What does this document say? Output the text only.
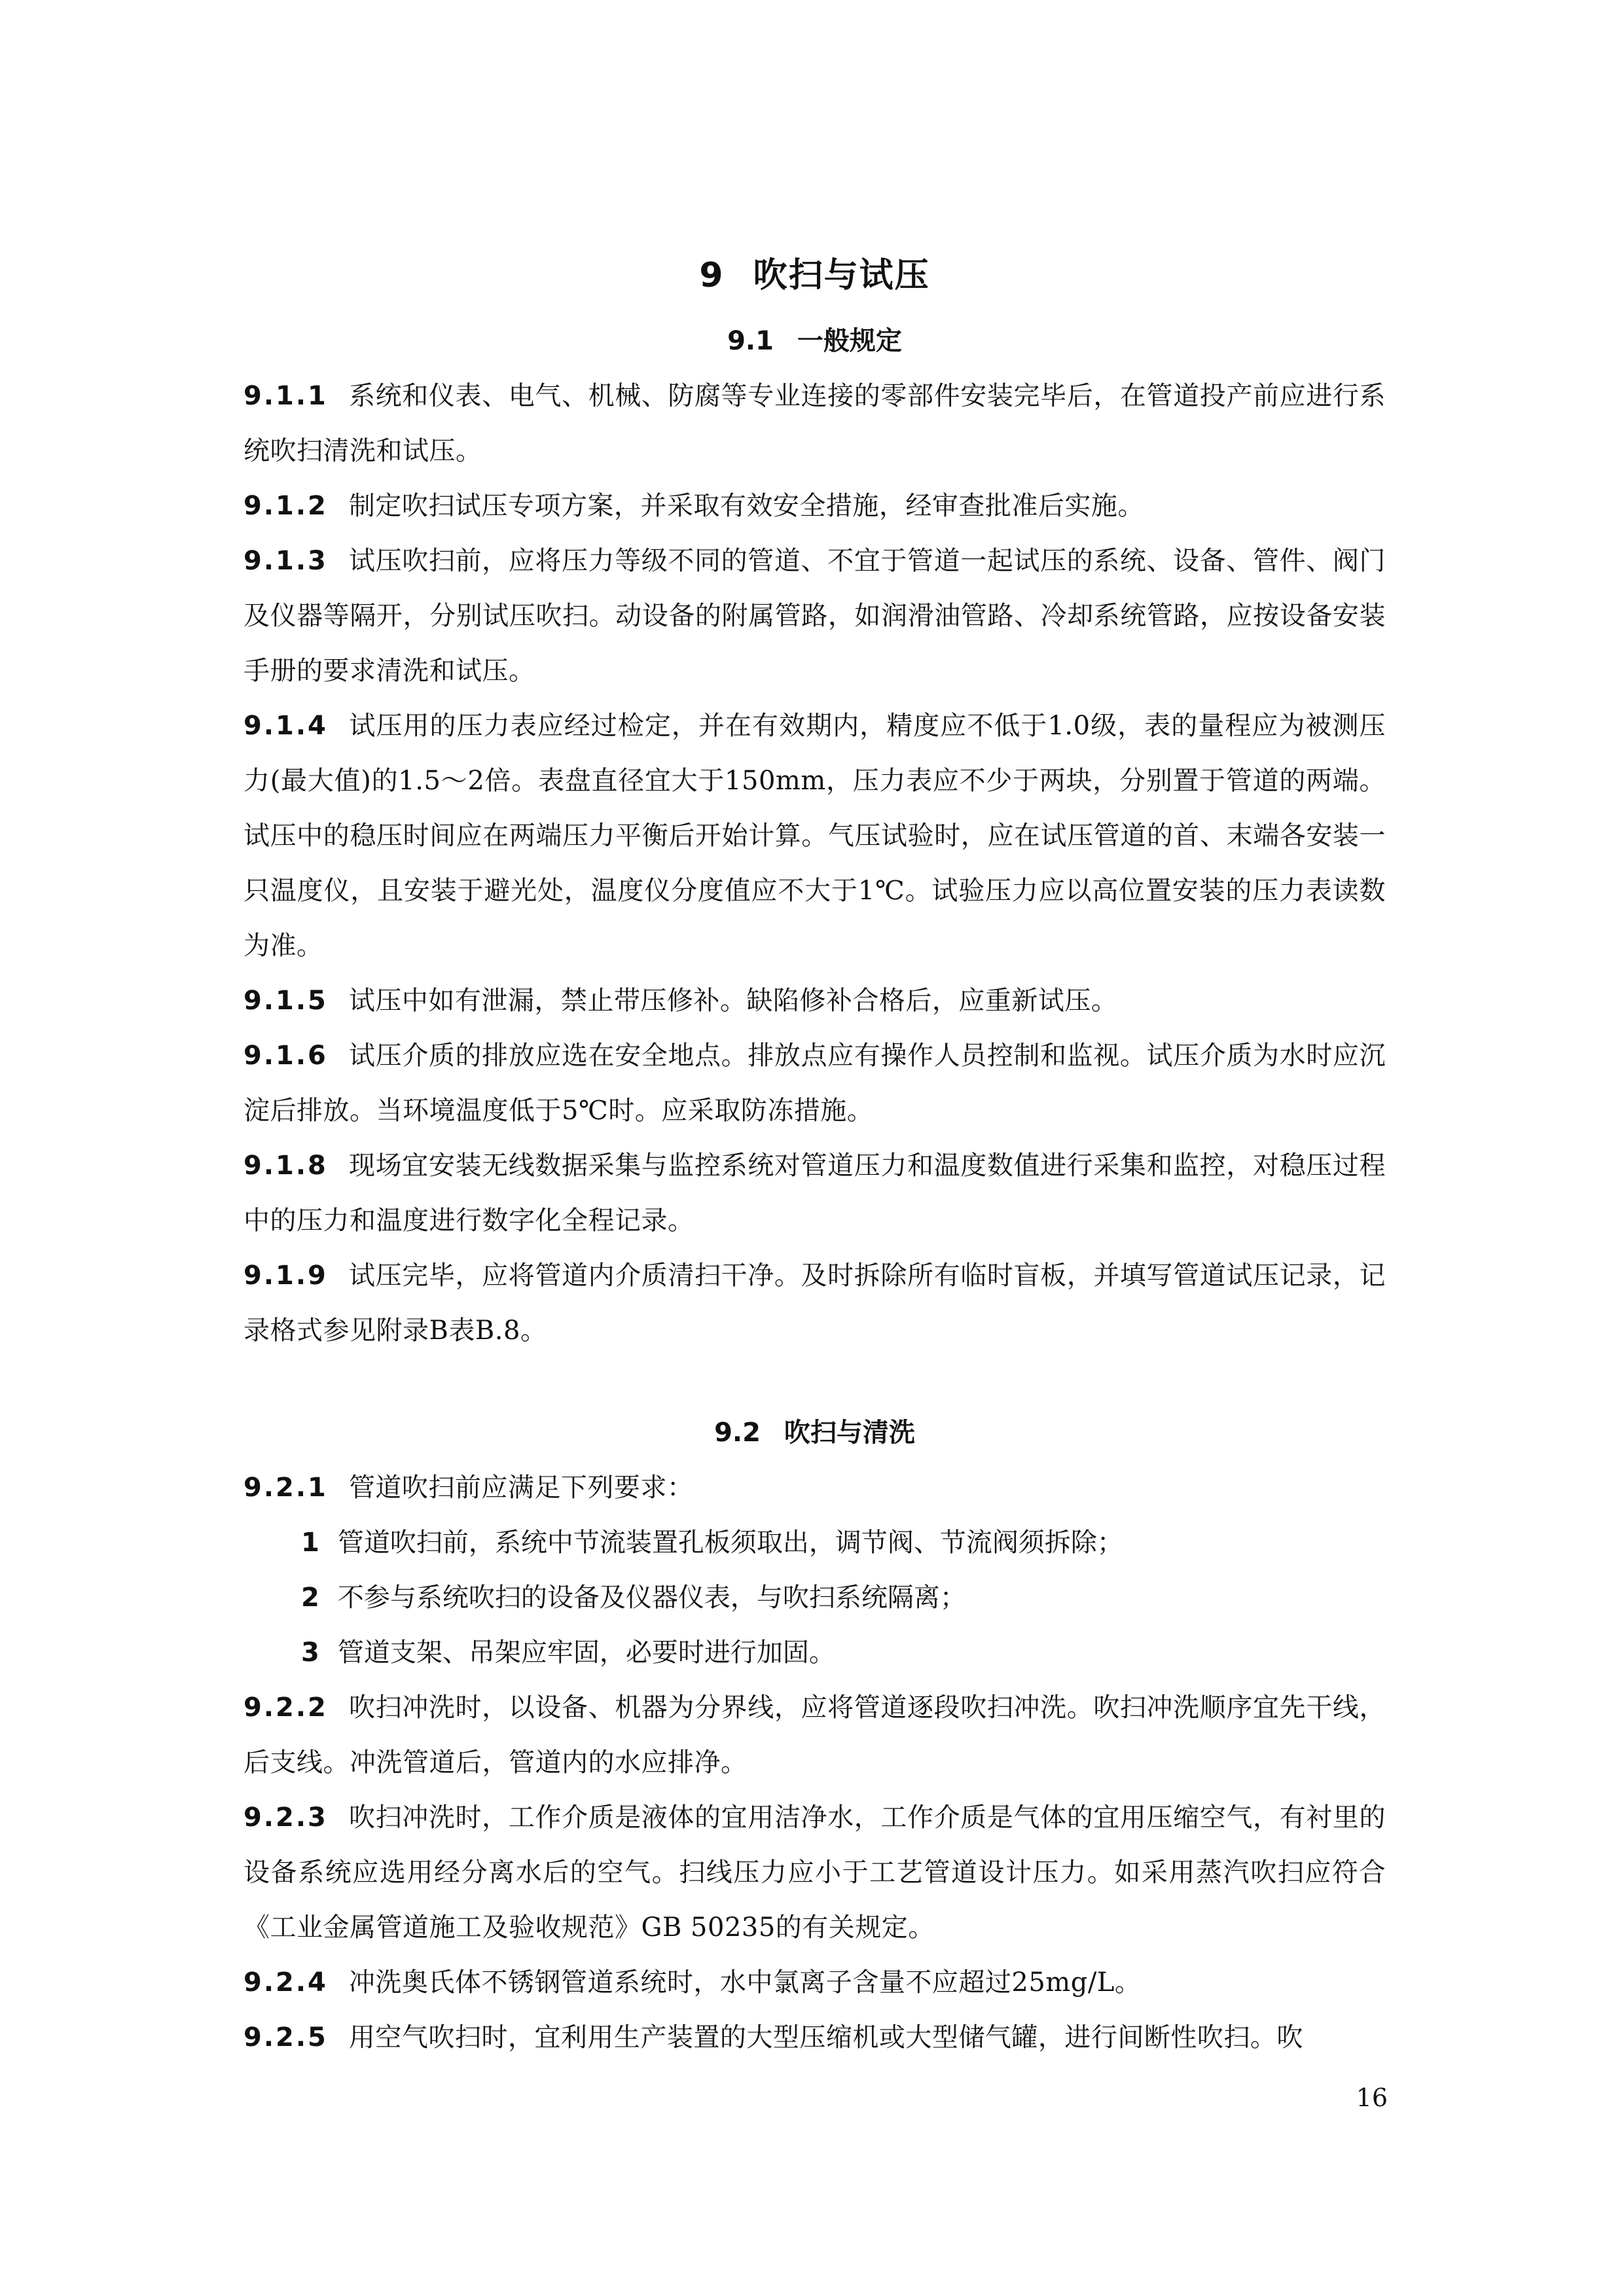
9 吹扫与试压
9.1 一般规定

9.1.1 系统和仪表、电气、机械、防腐等专业连接的零部件安装完毕后，在管道投产前应进行系统吹扫清洗和试压。

9.1.2 制定吹扫试压专项方案，并采取有效安全措施，经审查批准后实施。

9.1.3 试压吹扫前，应将压力等级不同的管道、不宜于管道一起试压的系统、设备、管件、阀门及仪器等隔开，分别试压吹扫。动设备的附属管路，如润滑油管路、冷却系统管路，应按设备安装手册的要求清洗和试压。

9.1.4 试压用的压力表应经过检定，并在有效期内，精度应不低于1.0级，表的量程应为被测压力(最大值)的1.5～2倍。表盘直径宜大于150mm，压力表应不少于两块，分别置于管道的两端。试压中的稳压时间应在两端压力平衡后开始计算。气压试验时，应在试压管道的首、末端各安装一只温度仪，且安装于避光处，温度仪分度值应不大于1℃。试验压力应以高位置安装的压力表读数为准。

9.1.5 试压中如有泄漏，禁止带压修补。缺陷修补合格后，应重新试压。

9.1.6 试压介质的排放应选在安全地点。排放点应有操作人员控制和监视。试压介质为水时应沉淀后排放。当环境温度低于5℃时。应采取防冻措施。

9.1.8 现场宜安装无线数据采集与监控系统对管道压力和温度数值进行采集和监控，对稳压过程中的压力和温度进行数字化全程记录。

9.1.9 试压完毕，应将管道内介质清扫干净。及时拆除所有临时盲板，并填写管道试压记录，记录格式参见附录B表B.8。

9.2 吹扫与清洗

9.2.1 管道吹扫前应满足下列要求：

1 管道吹扫前，系统中节流装置孔板须取出，调节阀、节流阀须拆除；

2 不参与系统吹扫的设备及仪器仪表，与吹扫系统隔离；

3 管道支架、吊架应牢固，必要时进行加固。

9.2.2 吹扫冲洗时，以设备、机器为分界线，应将管道逐段吹扫冲洗。吹扫冲洗顺序宜先干线，后支线。冲洗管道后，管道内的水应排净。

9.2.3 吹扫冲洗时，工作介质是液体的宜用洁净水，工作介质是气体的宜用压缩空气，有衬里的设备系统应选用经分离水后的空气。扫线压力应小于工艺管道设计压力。如采用蒸汽吹扫应符合《工业金属管道施工及验收规范》GB 50235的有关规定。

9.2.4 冲洗奥氏体不锈钢管道系统时，水中氯离子含量不应超过25mg/L。

9.2.5 用空气吹扫时，宜利用生产装置的大型压缩机或大型储气罐，进行间断性吹扫。吹

16
